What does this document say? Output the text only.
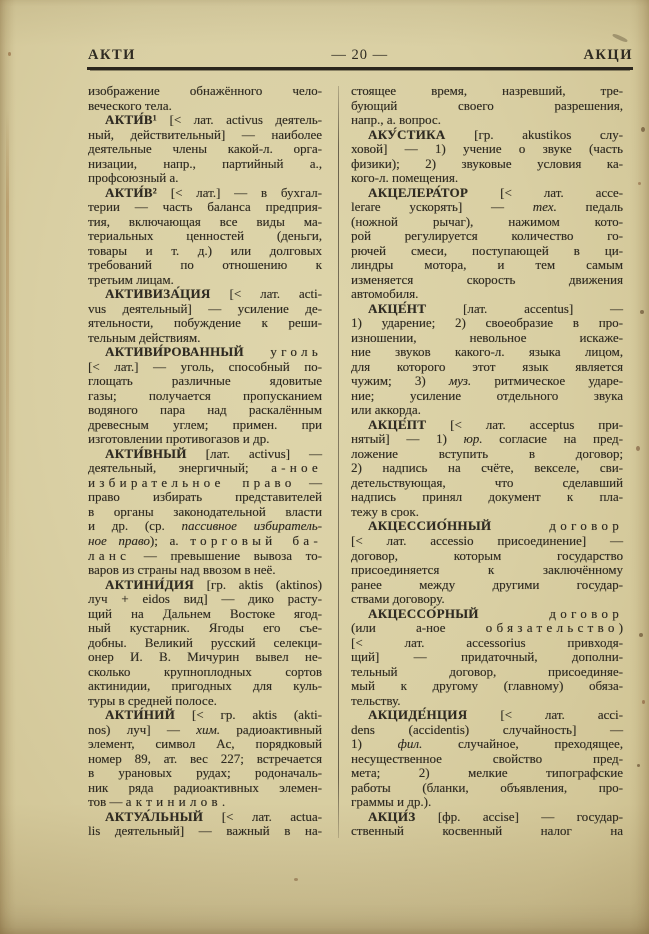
АКТИ	— 20 —	АКЦИ
изображение обнажённого чело-
веческого тела.
АКТИ́В¹ [< лат. activus деятель-
ный, действительный] — наиболее
деятельные члены какой-л. орга-
низации, напр., партийный а.,
профсоюзный а.
АКТИ́В² [< лат.] — в бухгал-
терии — часть баланса предприя-
тия, включающая все виды ма-
териальных ценностей (деньги,
товары и т. д.) или долговых
требований по отношению к
третьим лицам.
АКТИВИЗА́ЦИЯ [< лат. acti-
vus деятельный] — усиление де-
ятельности, побуждение к реши-
тельным действиям.
АКТИВИ́РОВАННЫЙ уголь
[< лат.] — уголь, способный по-
глощать различные ядовитые
газы; получается пропусканием
водяного пара над раскалённым
древесным углем; примен. при
изготовлении противогазов и др.
АКТИ́ВНЫЙ [лат. activus] —
деятельный, энергичный; а-ное
избирательное право —
право избирать представителей
в органы законодательной власти
и др. (ср. пассивное избиратель-
ное право); а. торговый ба-
ланс — превышение вывоза то-
варов из страны над ввозом в неё.
АКТИНИ́ДИЯ [гр. aktis (aktinos)
луч + eidos вид] — дико расту-
щий на Дальнем Востоке ягод-
ный кустарник. Ягоды его съе-
добны. Великий русский селекци-
онер И. В. Мичурин вывел не-
сколько крупноплодных сортов
актинидии, пригодных для куль-
туры в средней полосе.
АКТИ́НИЙ [< гр. aktis (akti-
nos) луч] — хим. радиоактивный
элемент, символ Ac, порядковый
номер 89, ат. вес 227; встречается
в урановых рудах; родоначаль-
ник ряда радиоактивных элемен-
тов — актинилов.
АКТУА́ЛЬНЫЙ [< лат. actua-
lis деятельный] — важный в на-
стоящее время, назревший, тре-
бующий своего разрешения,
напр., а. вопрос.
АКУ́СТИКА [гр. akustikos слу-
ховой] — 1) учение о звуке (часть
физики); 2) звуковые условия ка-
кого-л. помещения.
АКЦЕЛЕРА́ТОР [< лат. acce-
lerare ускорять] — тех. педаль
(ножной рычаг), нажимом кото-
рой регулируется количество го-
рючей смеси, поступающей в ци-
линдры мотора, и тем самым
изменяется скорость движения
автомобиля.
АКЦЕ́НТ [лат. accentus] —
1) ударение; 2) своеобразие в про-
изношении, невольное искаже-
ние звуков какого-л. языка лицом,
для которого этот язык является
чужим; 3) муз. ритмическое ударе-
ние; усиление отдельного звука
или аккорда.
АКЦЕ́ПТ [< лат. acceptus при-
нятый] — 1) юр. согласие на пред-
ложение вступить в договор;
2) надпись на счёте, векселе, сви-
детельствующая, что сделавший
надпись принял документ к пла-
тежу в срок.
АКЦЕССИО́ННЫЙ	договор
[< лат. accessio присоединение] —
договор, которым государство
присоединяется к заключённому
ранее между другими государ-
ствами договору.
АКЦЕССО́РНЫЙ	договор
(или а-ное обязательство)
[< лат. accessorius привходя-
щий] — придаточный, дополни-
тельный договор, присоединяе-
мый к другому (главному) обяза-
тельству.
АКЦИДЕ́НЦИЯ [< лат. acci-
dens (accidentis) случайность] —
1) фил. случайное, преходящее,
несущественное свойство пред-
мета; 2) мелкие типографские
работы (бланки, объявления, про-
граммы и др.).
АКЦИ́З [фр. accise] — государ-
ственный косвенный налог на
